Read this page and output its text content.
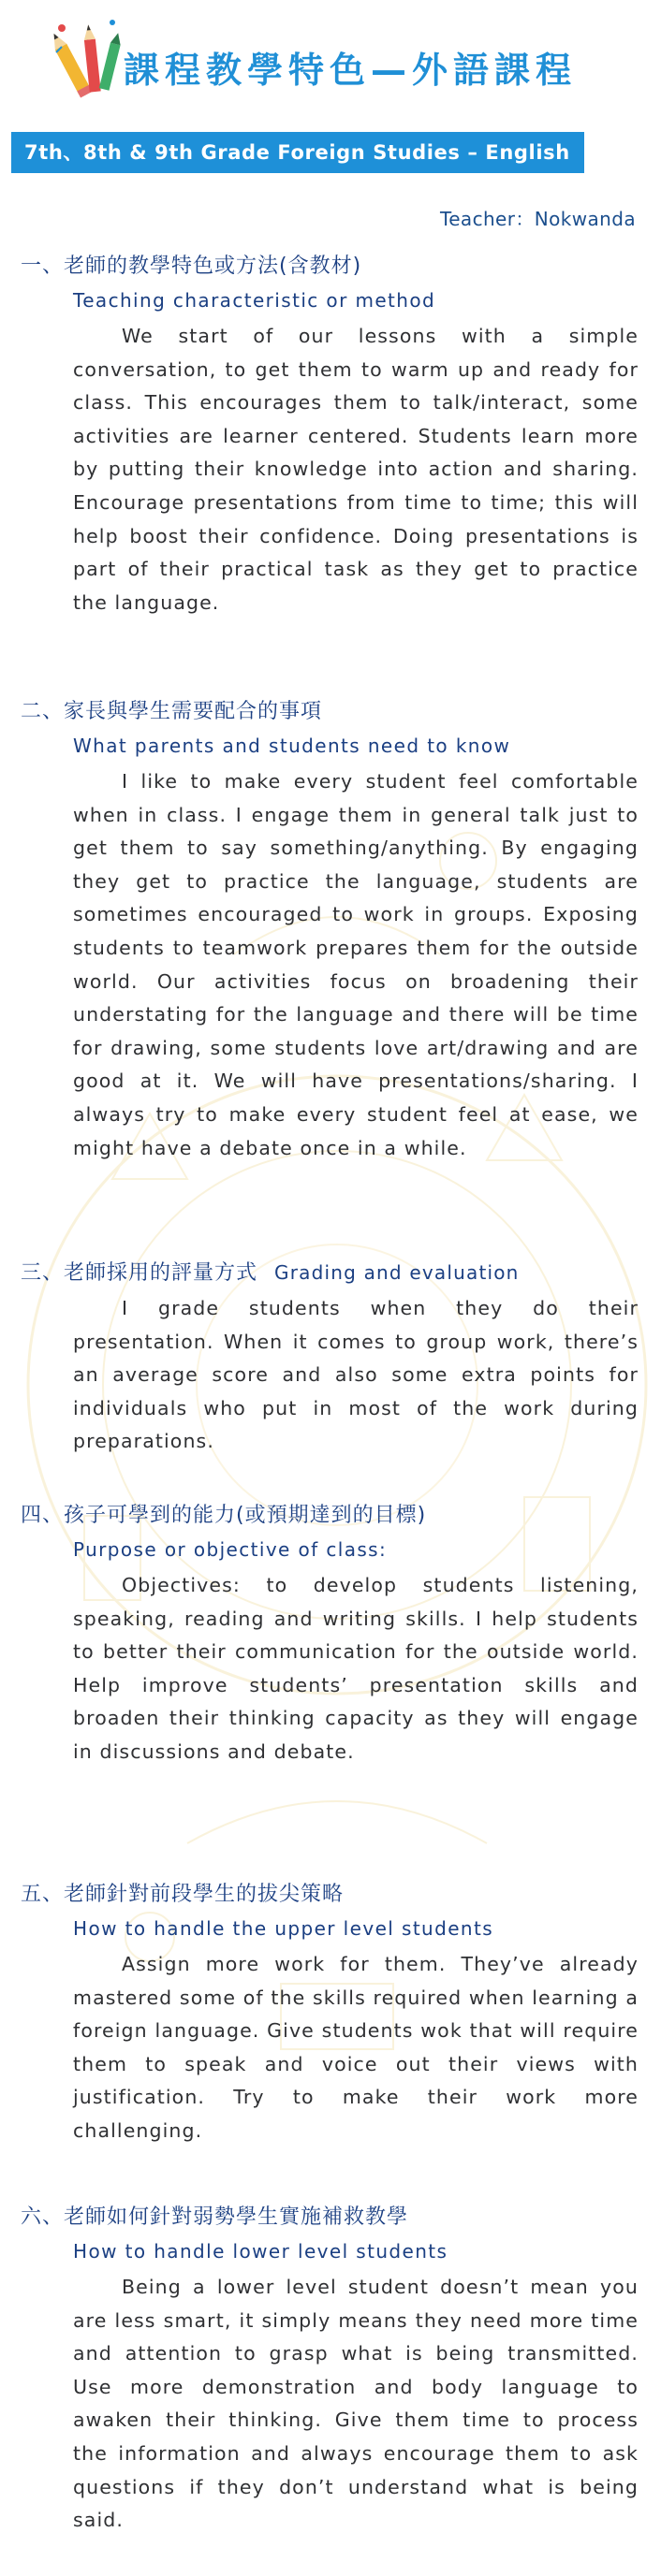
課程教學特色—外語課程
7th、8th & 9th Grade Foreign Studies – English
Teacher：Nokwanda
一、老師的教學特色或方法(含教材)
Teaching characteristic or method

We start of our lessons with a simple conversation, to get them to warm up and ready for class. This encourages them to talk/interact, some activities are learner centered. Students learn more by putting their knowledge into action and sharing. Encourage presentations from time to time; this will help boost their confidence. Doing presentations is part of their practical task as they get to practice the language.

二、家長與學生需要配合的事項
What parents and students need to know

I like to make every student feel comfortable when in class. I engage them in general talk just to get them to say something/anything. By engaging they get to practice the language, students are sometimes encouraged to work in groups. Exposing students to teamwork prepares them for the outside world. Our activities focus on broadening their understating for the language and there will be time for drawing, some students love art/drawing and are good at it. We will have presentations/sharing. I always try to make every student feel at ease, we might have a debate once in a while.

三、老師採用的評量方式 Grading and evaluation

I grade students when they do their presentation. When it comes to group work, there’s an average score and also some extra points for individuals who put in most of the work during preparations.

四、孩子可學到的能力(或預期達到的目標)
Purpose or objective of class:

Objectives: to develop students listening, speaking, reading and writing skills. I help students to better their communication for the outside world. Help improve students’ presentation skills and broaden their thinking capacity as they will engage in discussions and debate.

五、老師針對前段學生的拔尖策略
How to handle the upper level students

Assign more work for them. They’ve already mastered some of the skills required when learning a foreign language. Give students wok that will require them to speak and voice out their views with justification. Try to make their work more challenging.

六、老師如何針對弱勢學生實施補救教學
How to handle lower level students

Being a lower level student doesn’t mean you are less smart, it simply means they need more time and attention to grasp what is being transmitted. Use more demonstration and body language to awaken their thinking. Give them time to process the information and always encourage them to ask questions if they don’t understand what is being said.
